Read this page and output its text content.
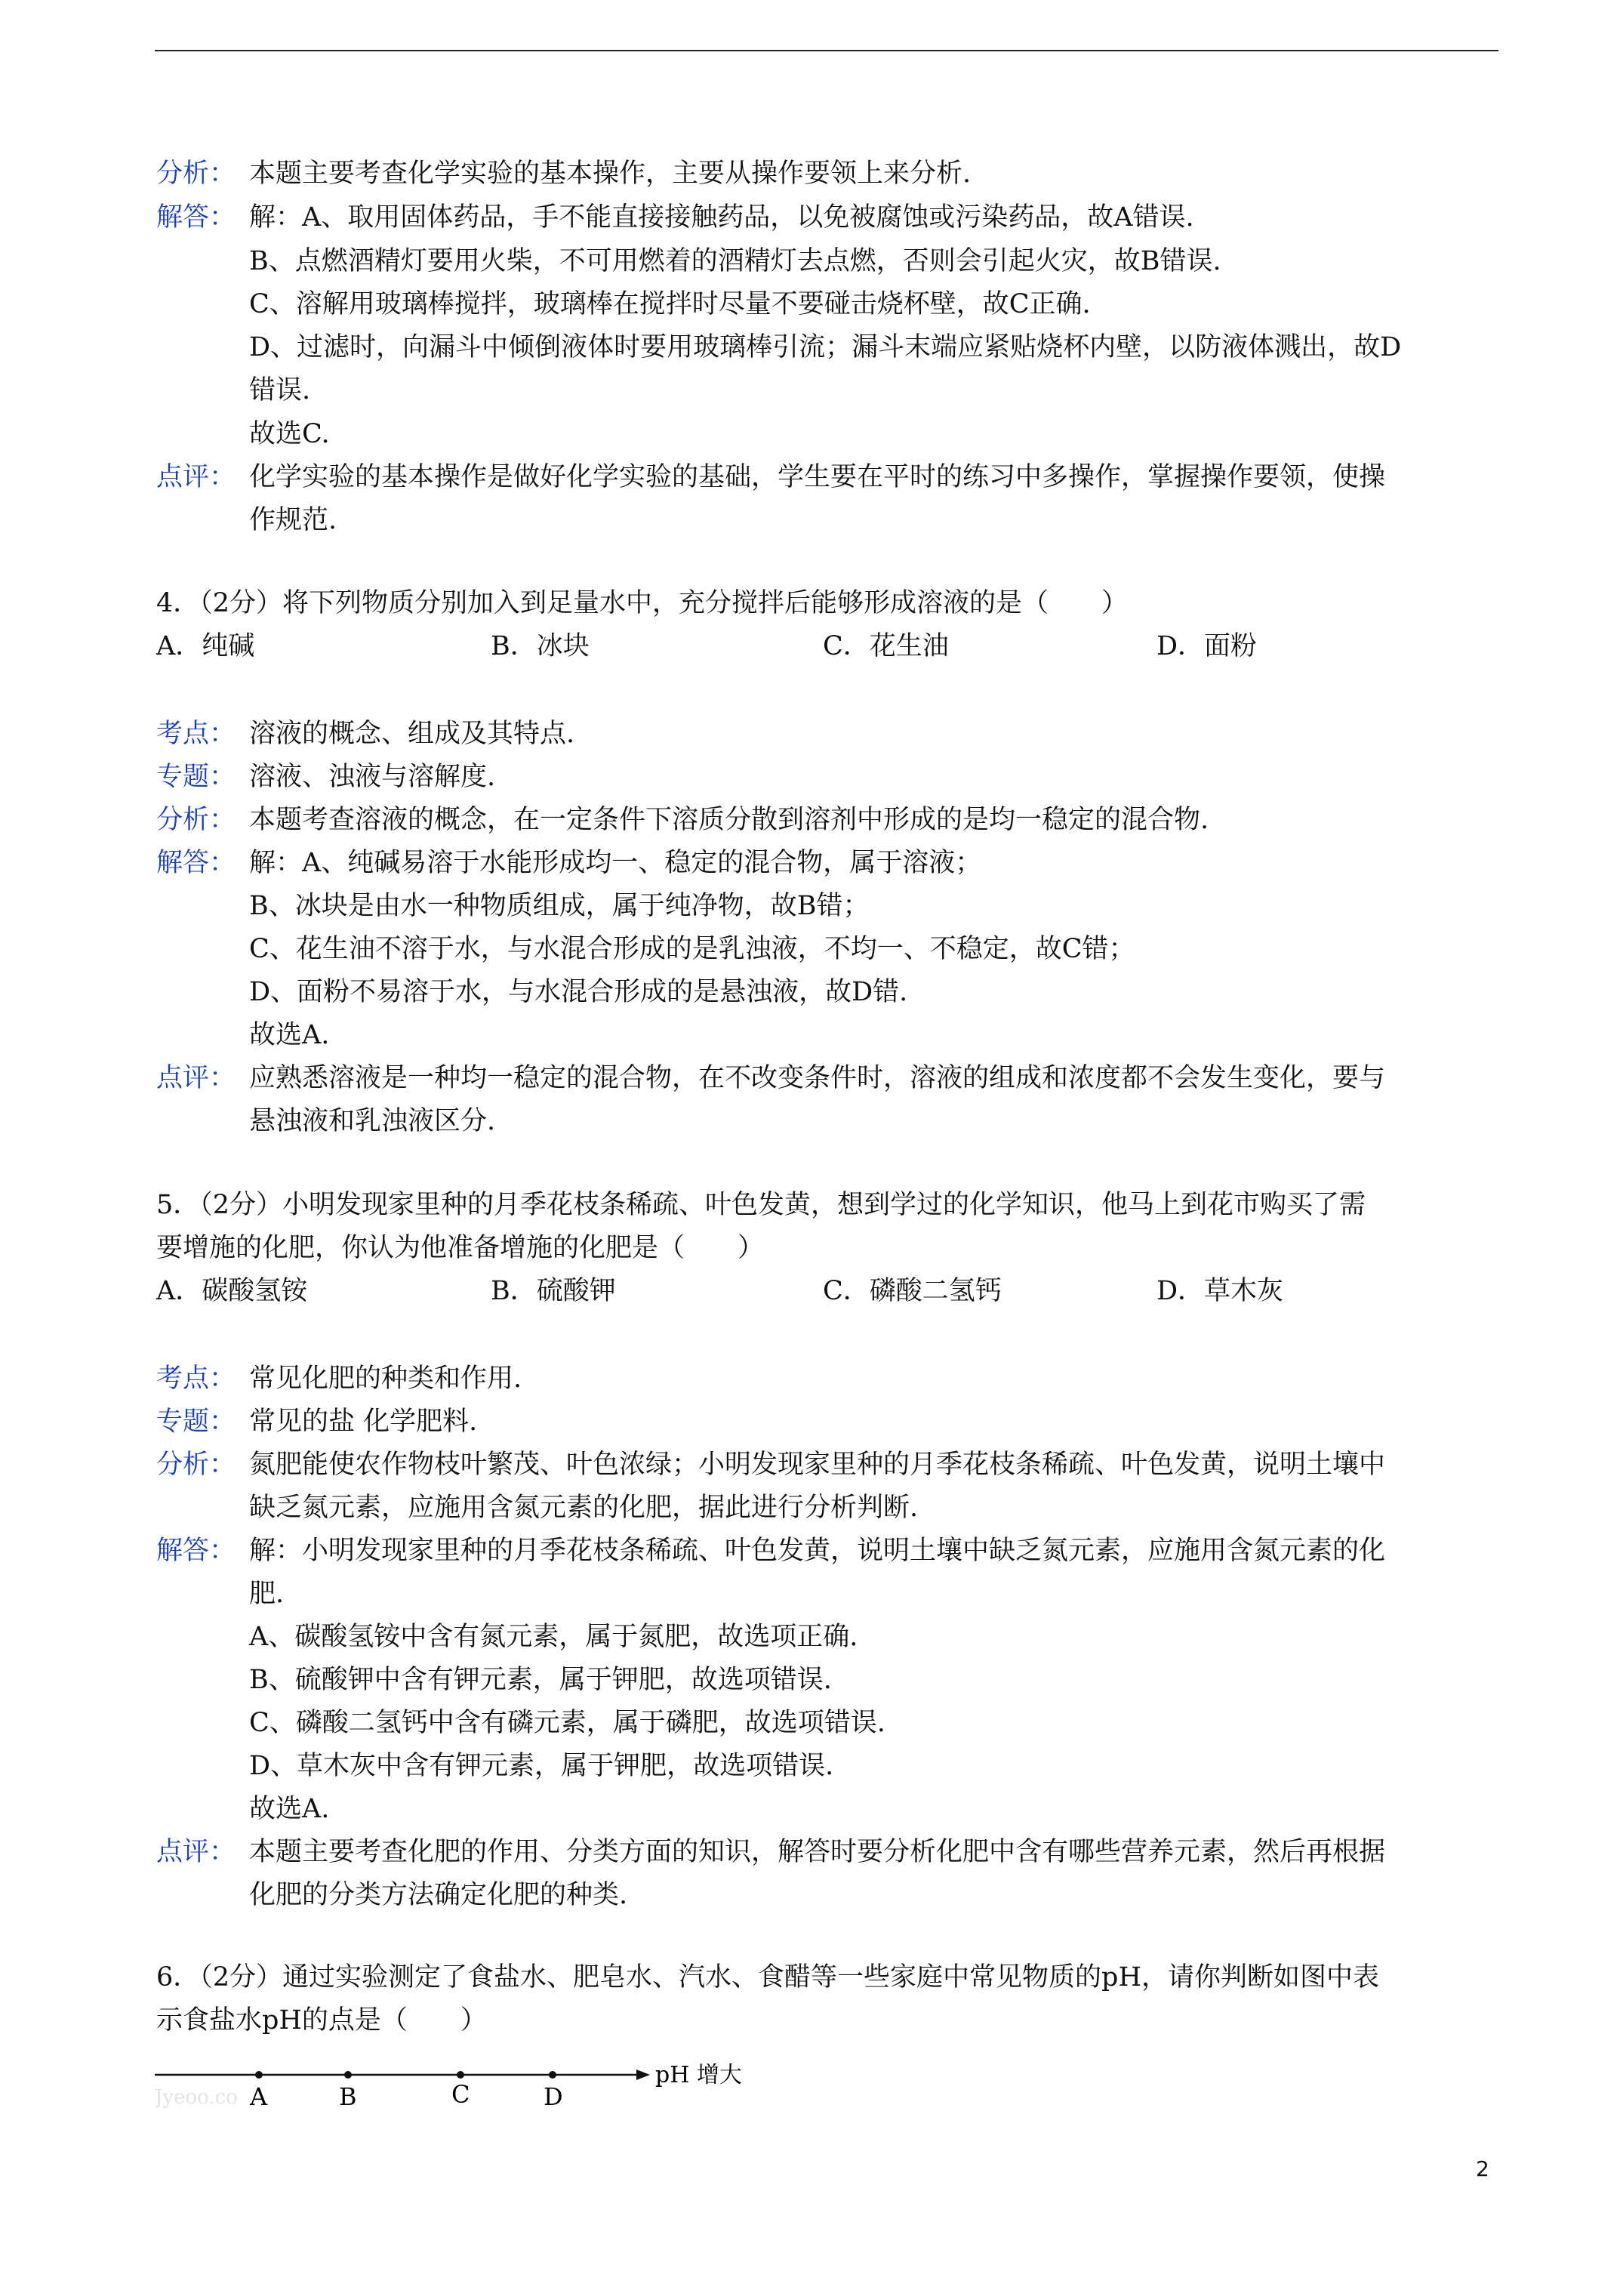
分析： 本题主要考查化学实验的基本操作，主要从操作要领上来分析.
解答： 解：A、取用固体药品，手不能直接接触药品，以免被腐蚀或污染药品，故A错误.
B、点燃酒精灯要用火柴，不可用燃着的酒精灯去点燃，否则会引起火灾，故B错误.
C、溶解用玻璃棒搅拌，玻璃棒在搅拌时尽量不要碰击烧杯壁，故C正确.
D、过滤时，向漏斗中倾倒液体时要用玻璃棒引流；漏斗末端应紧贴烧杯内壁，以防液体溅出，故D
错误.
故选C.
点评： 化学实验的基本操作是做好化学实验的基础，学生要在平时的练习中多操作，掌握操作要领，使操
作规范.
4．（2分）将下列物质分别加入到足量水中，充分搅拌后能够形成溶液的是（　　）
A．纯碱	B．冰块	C．花生油	D．面粉
考点： 溶液的概念、组成及其特点.
专题： 溶液、浊液与溶解度.
分析： 本题考查溶液的概念，在一定条件下溶质分散到溶剂中形成的是均一稳定的混合物.
解答： 解：A、纯碱易溶于水能形成均一、稳定的混合物，属于溶液；
B、冰块是由水一种物质组成，属于纯净物，故B错；
C、花生油不溶于水，与水混合形成的是乳浊液，不均一、不稳定，故C错；
D、面粉不易溶于水，与水混合形成的是悬浊液，故D错.
故选A.
点评： 应熟悉溶液是一种均一稳定的混合物，在不改变条件时，溶液的组成和浓度都不会发生变化，要与
悬浊液和乳浊液区分.
5．（2分）小明发现家里种的月季花枝条稀疏、叶色发黄，想到学过的化学知识，他马上到花市购买了需
要增施的化肥，你认为他准备增施的化肥是（　　）
A．碳酸氢铵	B．硫酸钾	C．磷酸二氢钙	D．草木灰
考点： 常见化肥的种类和作用.
专题： 常见的盐 化学肥料.
分析： 氮肥能使农作物枝叶繁茂、叶色浓绿；小明发现家里种的月季花枝条稀疏、叶色发黄，说明土壤中
缺乏氮元素，应施用含氮元素的化肥，据此进行分析判断.
解答： 解：小明发现家里种的月季花枝条稀疏、叶色发黄，说明土壤中缺乏氮元素，应施用含氮元素的化
肥.
A、碳酸氢铵中含有氮元素，属于氮肥，故选项正确.
B、硫酸钾中含有钾元素，属于钾肥，故选项错误.
C、磷酸二氢钙中含有磷元素，属于磷肥，故选项错误.
D、草木灰中含有钾元素，属于钾肥，故选项错误.
故选A.
点评： 本题主要考查化肥的作用、分类方面的知识，解答时要分析化肥中含有哪些营养元素，然后再根据
化肥的分类方法确定化肥的种类.
6．（2分）通过实验测定了食盐水、肥皂水、汽水、食醋等一些家庭中常见物质的pH，请你判断如图中表
示食盐水pH的点是（　　）
Jyeoo.co A	B	C	D
pH 增大
2
